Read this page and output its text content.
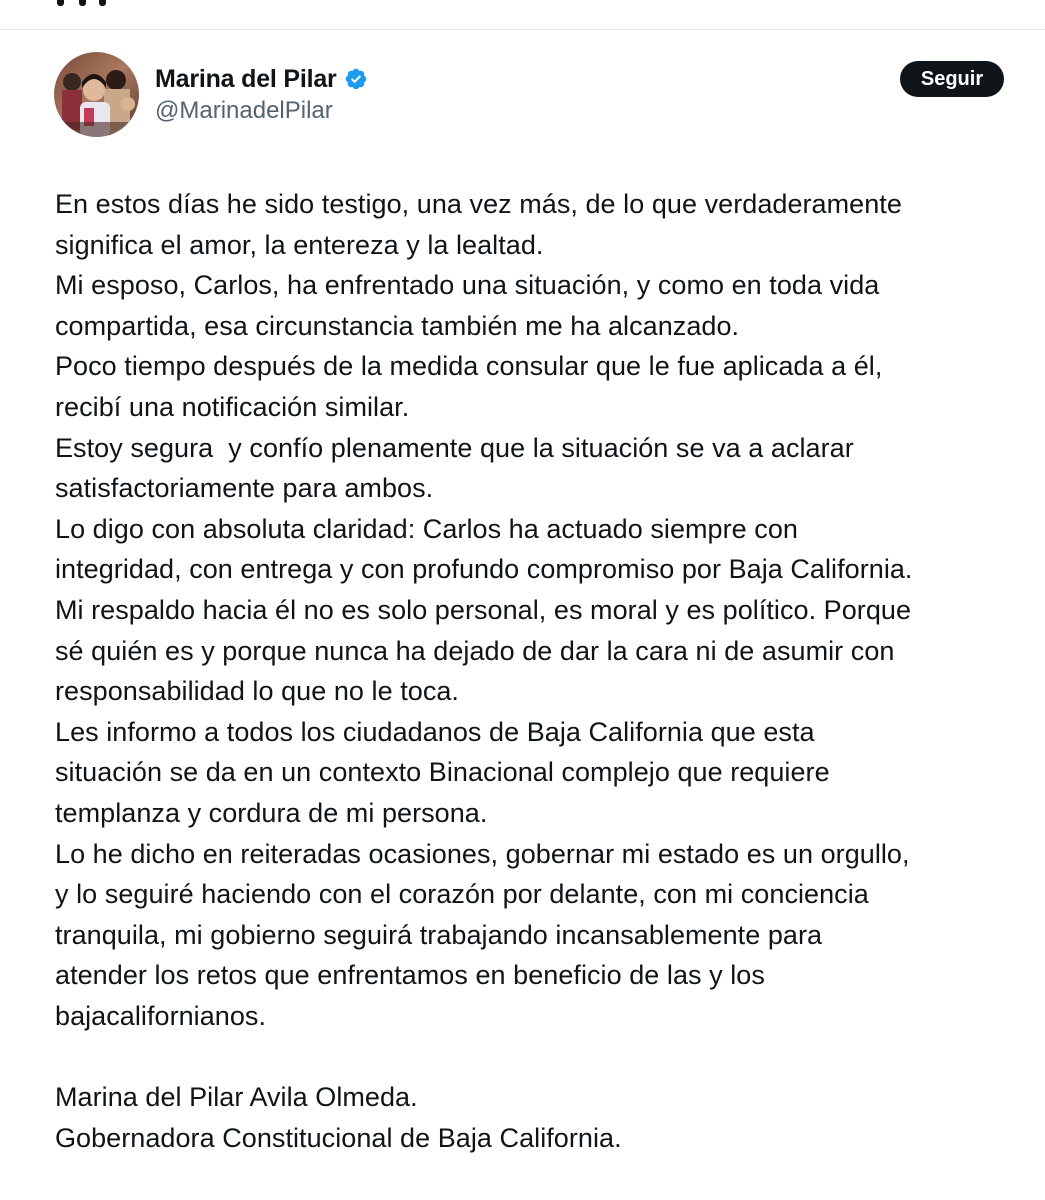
Marina del Pilar
@MarinadelPilar
Seguir
En estos días he sido testigo, una vez más, de lo que verdaderamente
significa el amor, la entereza y la lealtad.
Mi esposo, Carlos, ha enfrentado una situación, y como en toda vida
compartida, esa circunstancia también me ha alcanzado.
Poco tiempo después de la medida consular que le fue aplicada a él,
recibí una notificación similar.
Estoy segura  y confío plenamente que la situación se va a aclarar
satisfactoriamente para ambos.
Lo digo con absoluta claridad: Carlos ha actuado siempre con
integridad, con entrega y con profundo compromiso por Baja California.
Mi respaldo hacia él no es solo personal, es moral y es político. Porque
sé quién es y porque nunca ha dejado de dar la cara ni de asumir con
responsabilidad lo que no le toca.
Les informo a todos los ciudadanos de Baja California que esta
situación se da en un contexto Binacional complejo que requiere
templanza y cordura de mi persona.
Lo he dicho en reiteradas ocasiones, gobernar mi estado es un orgullo,
y lo seguiré haciendo con el corazón por delante, con mi conciencia
tranquila, mi gobierno seguirá trabajando incansablemente para
atender los retos que enfrentamos en beneficio de las y los
bajacalifornianos.
Marina del Pilar Avila Olmeda.
Gobernadora Constitucional de Baja California.
